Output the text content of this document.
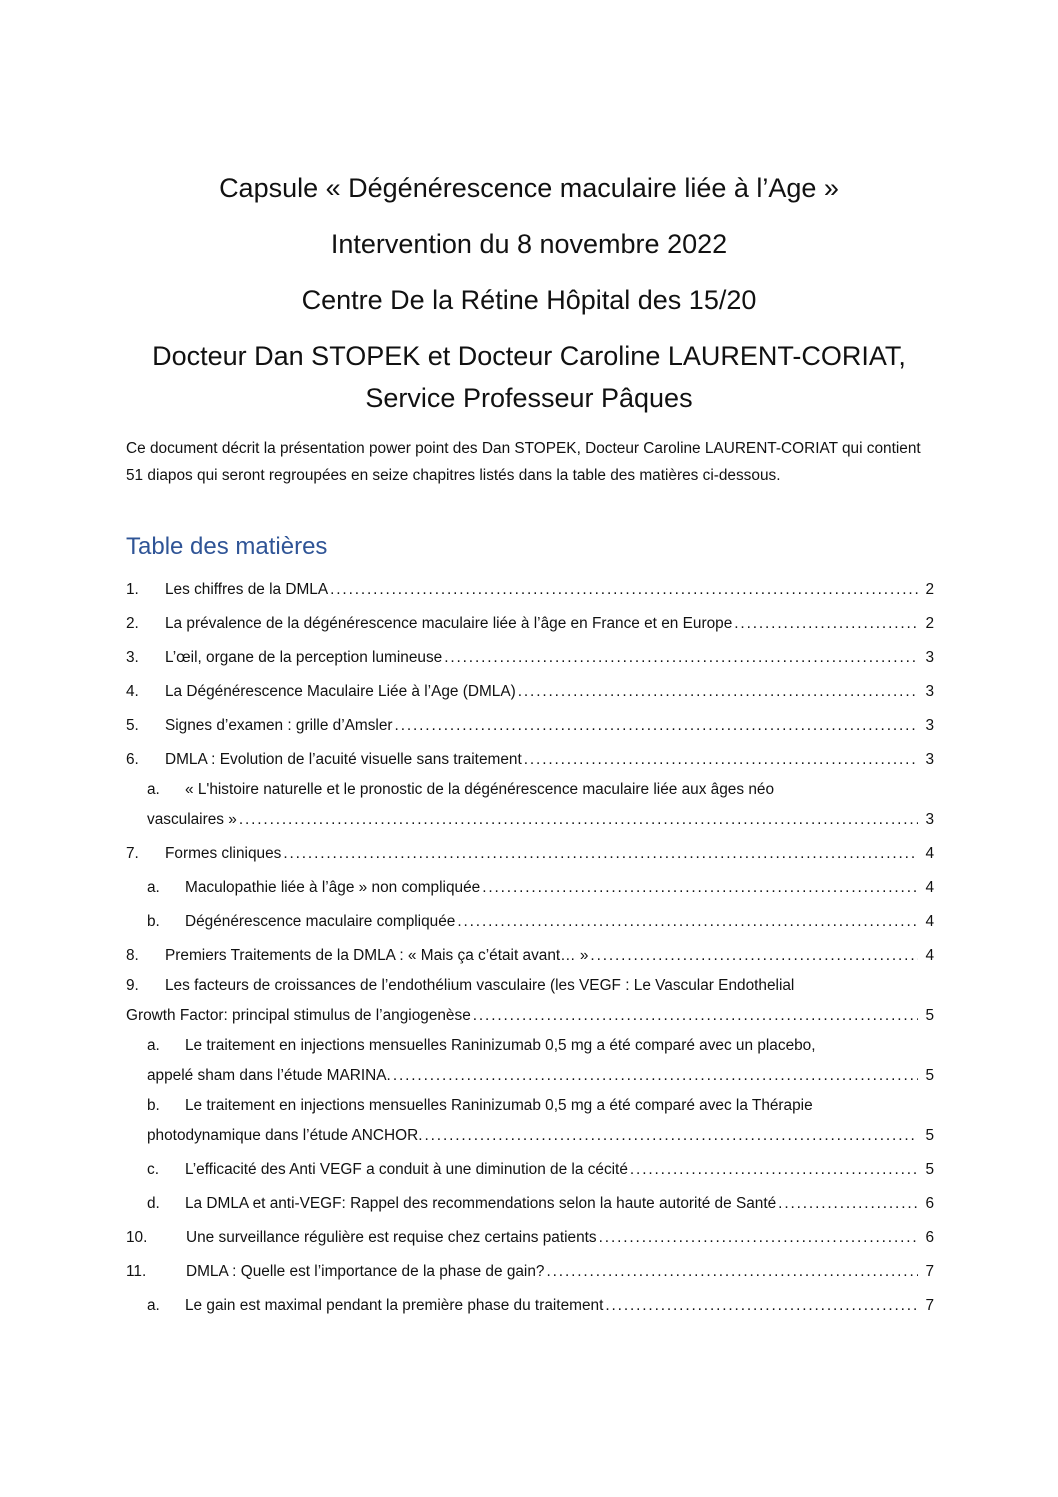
Capsule « Dégénérescence maculaire liée à l’Age »
Intervention du 8 novembre 2022
Centre De la Rétine Hôpital des 15/20
Docteur Dan STOPEK et Docteur Caroline LAURENT-CORIAT,
Service Professeur Pâques

Ce document décrit la présentation power point des Dan STOPEK, Docteur Caroline LAURENT-CORIAT qui contient 51 diapos qui seront regroupées en seize chapitres listés dans la table des matières ci-dessous.

Table des matières
1.	Les chiffres de la DMLA . . .	2
2.	La prévalence de la dégénérescence maculaire liée à l’âge en France et en Europe . . .	2
3.	L’œil, organe de la perception lumineuse . . .	3
4.	La Dégénérescence Maculaire Liée à l’Age (DMLA) . . .	3
5.	Signes d’examen : grille d’Amsler . . .	3
6.	DMLA : Evolution de l’acuité visuelle sans traitement . . .	3
a.	« L'histoire naturelle et le pronostic de la dégénérescence maculaire liée aux âges néo
vasculaires » . . .	3
7.	Formes cliniques . . .	4
a.	Maculopathie liée à l’âge » non compliquée . . .	4
b.	Dégénérescence maculaire compliquée . . .	4
8.	Premiers Traitements de la DMLA : « Mais ça c’était avant… » . . .	4
9.	Les facteurs de croissances de l’endothélium vasculaire (les VEGF : Le Vascular Endothelial
Growth Factor: principal stimulus de l’angiogenèse . . .	5
a.	Le traitement en injections mensuelles Raninizumab 0,5 mg a été comparé avec un placebo,
appelé sham dans l’étude MARINA. . . .	5
b.	Le traitement en injections mensuelles Raninizumab 0,5 mg a été comparé avec la Thérapie
photodynamique dans l’étude ANCHOR. . . .	5
c.	L’efficacité des Anti VEGF a conduit à une diminution de la cécité . . .	5
d.	La DMLA et anti-VEGF: Rappel des recommendations selon la haute autorité de Santé . . .	6
10.	Une surveillance régulière est requise chez certains patients . . .	6
11.	DMLA : Quelle est l’importance de la phase de gain? . . .	7
a.	Le gain est maximal pendant la première phase du traitement . . .	7
